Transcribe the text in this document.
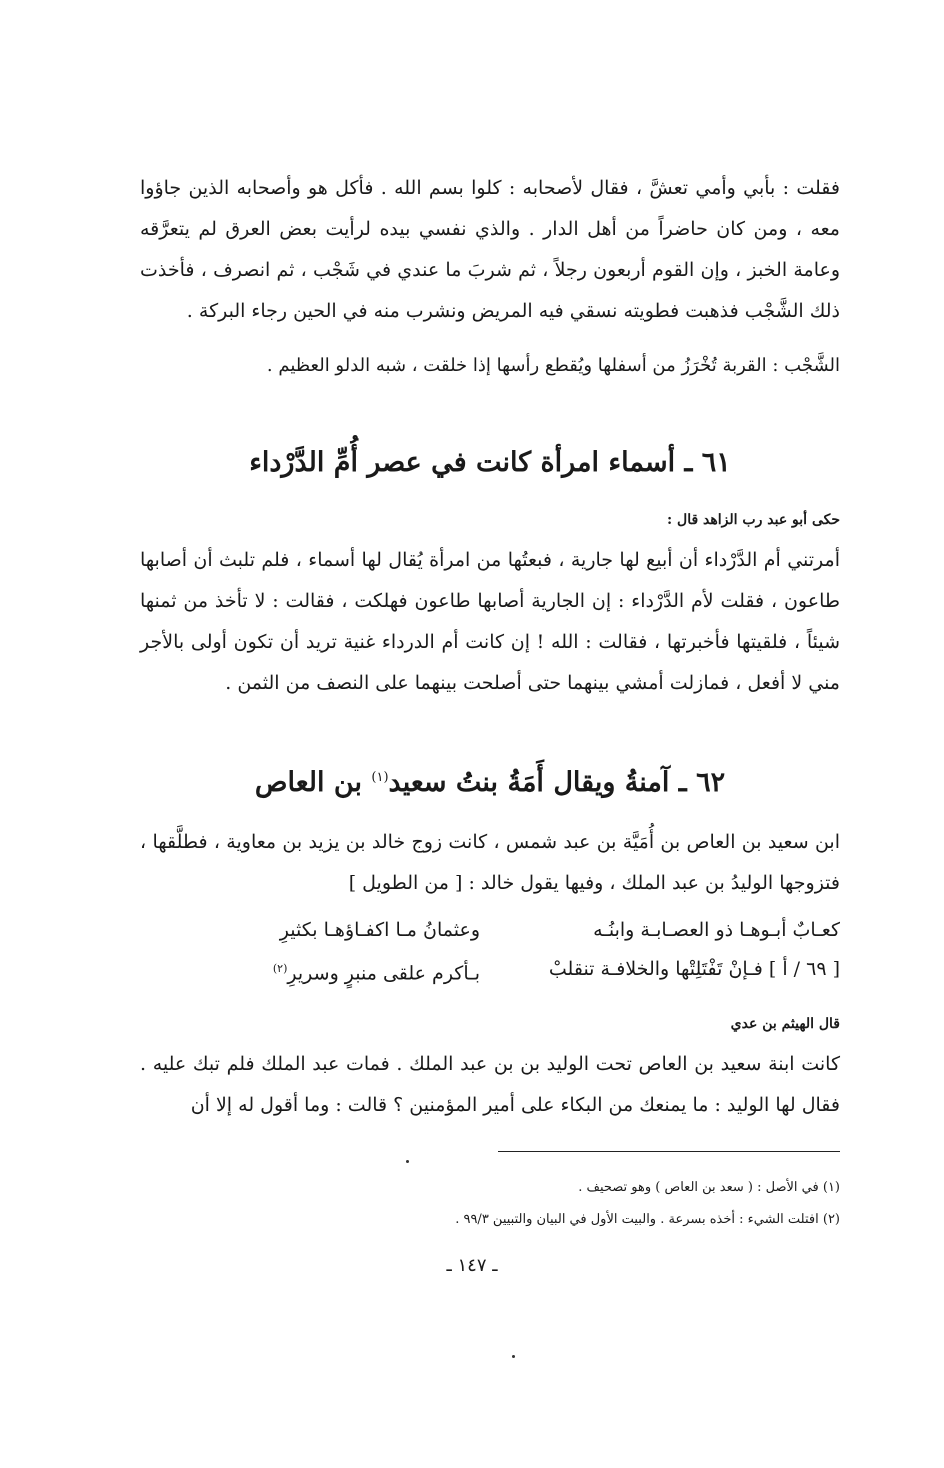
فقلت : بأبي وأمي تعشَّ ، فقال لأصحابه : كلوا بسم الله . فأكل هو وأصحابه الذين جاؤوا معه ، ومن كان حاضراً من أهل الدار . والذي نفسي بيده لرأيت بعض العرق لم يتعرَّقه وعامة الخبز ، وإن القوم أربعون رجلاً ، ثم شربَ ما عندي في شَجْب ، ثم انصرف ، فأخذت ذلك الشَّجْب فذهبت فطويته نسقي فيه المريض ونشرب منه في الحين رجاء البركة .

الشَّجْب : القربة تُخْرَزُ من أسفلها ويُقطع رأسها إذا خلقت ، شبه الدلو العظيم .

٦١ ـ أسماء امرأة كانت في عصر أُمِّ الدَّرْداء
حكى أبو عبد رب الزاهد قال :

أمرتني أم الدَّرْداء أن أبيع لها جارية ، فبعتُها من امرأة يُقال لها أسماء ، فلم تلبث أن أصابها طاعون ، فقلت لأم الدَّرْداء : إن الجارية أصابها طاعون فهلكت ، فقالت : لا تأخذ من ثمنها شيئاً ، فلقيتها فأخبرتها ، فقالت : الله ! إن كانت أم الدرداء غنية تريد أن تكون أولى بالأجر مني لا أفعل ، فمازلت أمشي بينهما حتى أصلحت بينهما على النصف من الثمن .

٦٢ ـ آمنةُ ويقال أَمَةُ بنتُ سعيد$^{(١)}$ بن العاص

ابن سعيد بن العاص بن أُمَيَّة بن عبد شمس ، كانت زوج خالد بن يزيد بن معاوية ، فطلَّقها ، فتزوجها الوليدُ بن عبد الملك ، وفيها يقول خالد : [ من الطويل ]

كعـابٌ أبـوهـا ذو العصـابـة وابنُـه
وعثمانُ مـا اكفـاؤهـا بكثيرِ
[ ٦٩ / أ ] فـإنْ تَفْتَلِتْها والخلافـة تنقلبْ
بـأكرم علقى منبرٍ وسريرِ$^{(٢)}$
قال الهيثم بن عدي

كانت ابنة سعيد بن العاص تحت الوليد بن بن عبد الملك . فمات عبد الملك فلم تبك عليه . فقال لها الوليد : ما يمنعك من البكاء على أمير المؤمنين ؟ قالت : وما أقول له إلا أن

(١) في الأصل : ( سعد بن العاص ) وهو تصحيف .
(٢) افتلت الشيء : أخذه بسرعة . والبيت الأول في البيان والتبيين ٩٩/٣ .
ـ ١٤٧ ـ
